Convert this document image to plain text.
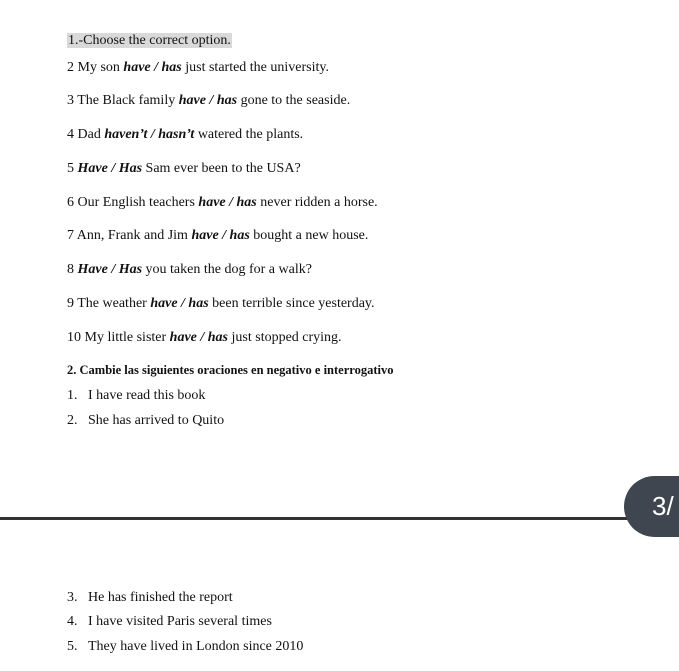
1.-Choose the correct option.
2 My son have / has just started the university.
3 The Black family have / has gone to the seaside.
4 Dad haven’t / hasn’t watered the plants.
5 Have / Has Sam ever been to the USA?
6 Our English teachers have / has never ridden a horse.
7 Ann, Frank and Jim have / has bought a new house.
8 Have / Has you taken the dog for a walk?
9 The weather have / has been terrible since yesterday.
10 My little sister have / has just stopped crying.
2. Cambie las siguientes oraciones en negativo e interrogativo
1. I have read this book
2. She has arrived to Quito
3/
3. He has finished the report
4. I have visited Paris several times
5. They have lived in London since 2010
